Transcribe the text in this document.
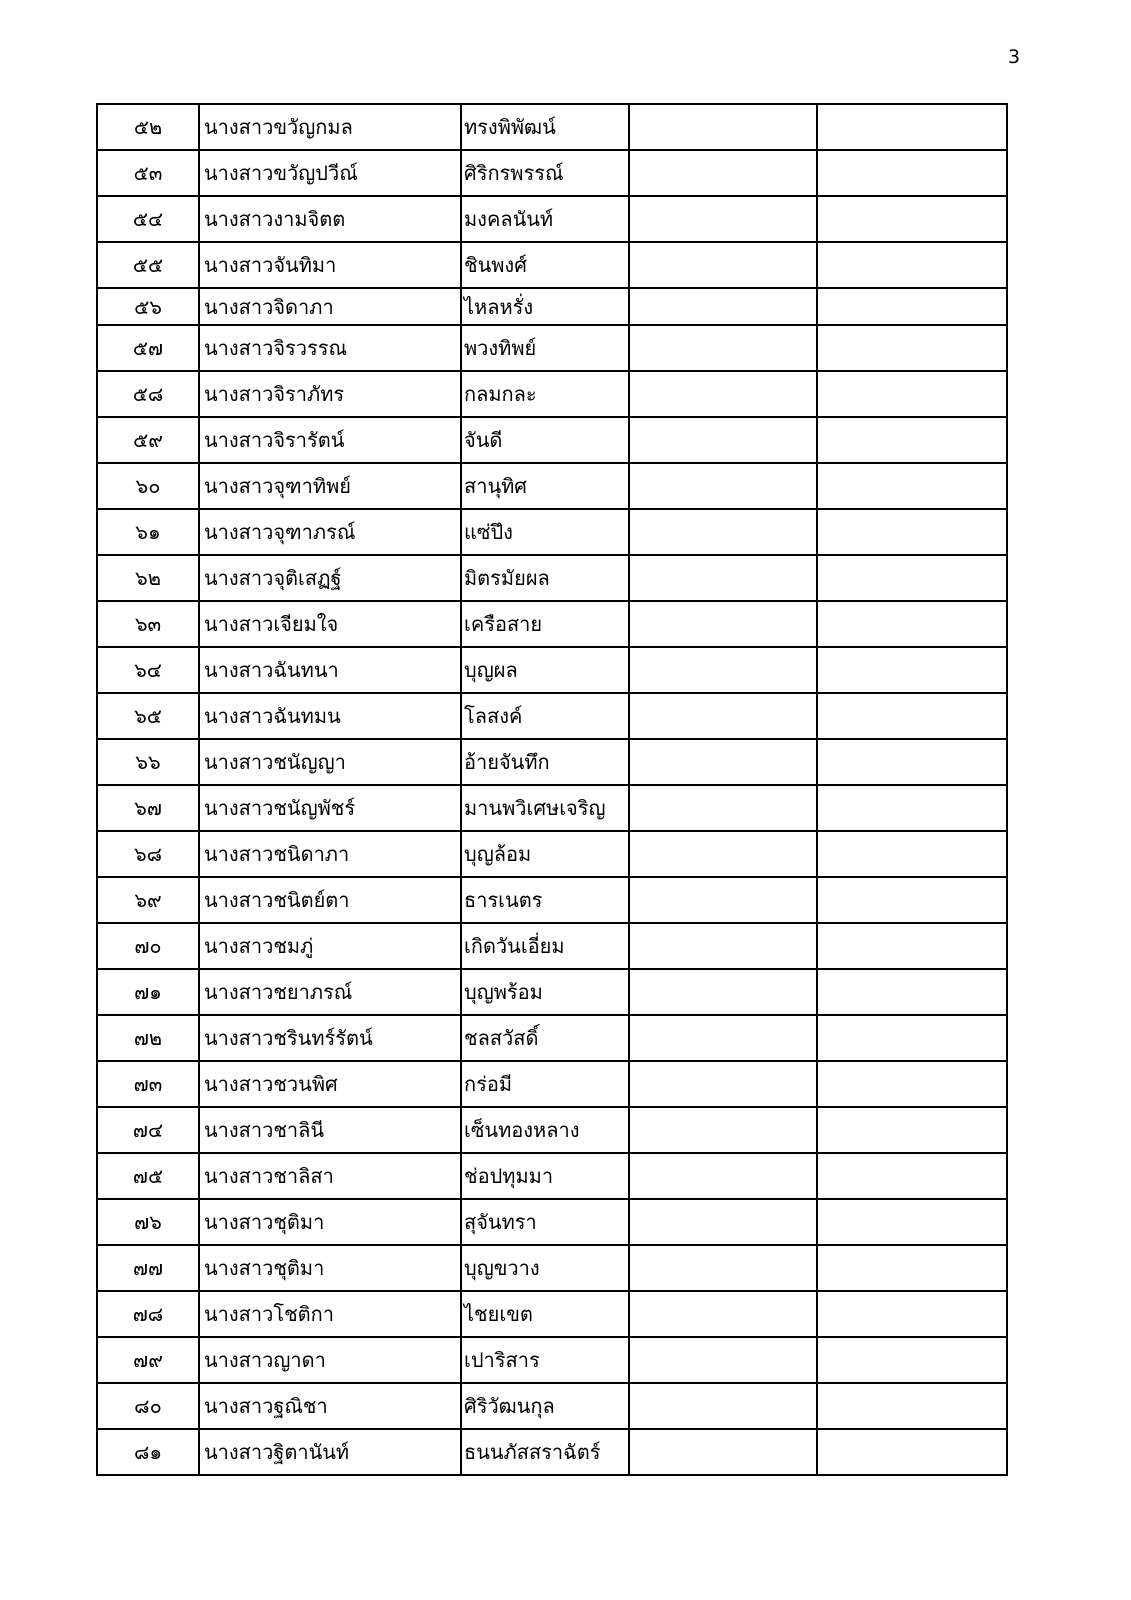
3
๕๒	นางสาวขวัญกมล	ทรงพิพัฒน์		
๕๓	นางสาวขวัญปวีณ์	ศิริกรพรรณ์		
๕๔	นางสาวงามจิตต	มงคลนันท์		
๕๕	นางสาวจันทิมา	ชินพงศ์		
๕๖	นางสาวจิดาภา	ไหลหรั่ง		
๕๗	นางสาวจิรวรรณ	พวงทิพย์		
๕๘	นางสาวจิราภัทร	กลมกละ		
๕๙	นางสาวจิรารัตน์	จันดี		
๖๐	นางสาวจุฑาทิพย์	สานุทิศ		
๖๑	นางสาวจุฑาภรณ์	แซ่ปึง		
๖๒	นางสาวจุติเสฏฐ์	มิตรมัยผล		
๖๓	นางสาวเจียมใจ	เครือสาย		
๖๔	นางสาวฉันทนา	บุญผล		
๖๕	นางสาวฉันทมน	โลสงค์		
๖๖	นางสาวชนัญญา	อ้ายจันทึก		
๖๗	นางสาวชนัญพัชร์	มานพวิเศษเจริญ		
๖๘	นางสาวชนิดาภา	บุญล้อม		
๖๙	นางสาวชนิตย์ตา	ธารเนตร		
๗๐	นางสาวชมภู่	เกิดวันเอี่ยม		
๗๑	นางสาวชยาภรณ์	บุญพร้อม		
๗๒	นางสาวชรินทร์รัตน์	ชลสวัสดิ์		
๗๓	นางสาวชวนพิศ	กร่อมี		
๗๔	นางสาวชาลินี	เซ็นทองหลาง		
๗๕	นางสาวชาลิสา	ช่อปทุมมา		
๗๖	นางสาวชุติมา	สุจันทรา		
๗๗	นางสาวชุติมา	บุญขวาง		
๗๘	นางสาวโชติกา	ไชยเขต		
๗๙	นางสาวญาดา	เปาริสาร		
๘๐	นางสาวฐณิชา	ศิริวัฒนกุล		
๘๑	นางสาวฐิตานันท์	ธนนภัสสราฉัตร์		
